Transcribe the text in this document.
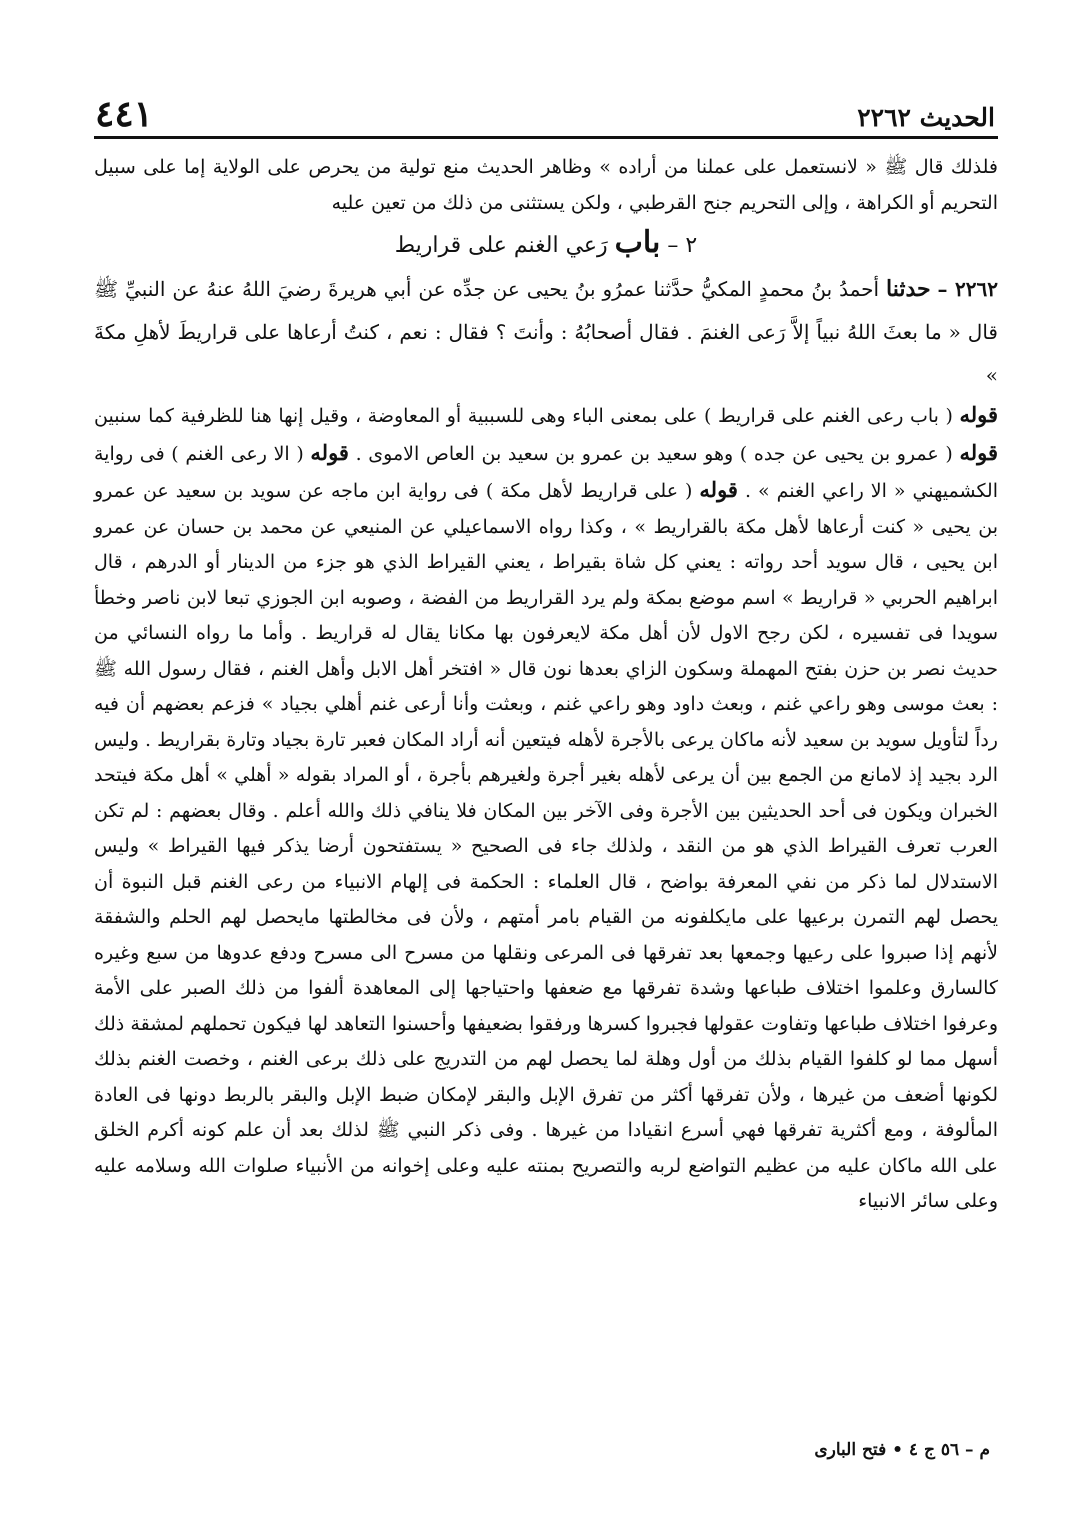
الحديث ٢٢٦٢
٤٤١

فلذلك قال ﷺ « لانستعمل على عملنا من أراده » وظاهر الحديث منع تولية من يحرص على الولاية إما على سبيل التحريم أو الكراهة ، وإلى التحريم جنح القرطبي ، ولكن يستثنى من ذلك من تعين عليه

٢ – باب رَعي الغنم على قراريط

٢٢٦٢ – حدثنا أحمدُ بنُ محمدٍ المكيُّ حدَّثنا عمرُو بنُ يحيى عن جدِّه عن أبي هريرةَ رضيَ اللهُ عنهُ عن النبيِّ ﷺ قال « ما بعثَ اللهُ نبياً إلاَّ رَعى الغنمَ . فقال أصحابُهُ : وأنتَ ؟ فقال : نعم ، كنتُ أرعاها على قراريطَ لأهلِ مكةَ »

قوله ( باب رعى الغنم على قراريط ) على بمعنى الباء وهى للسببية أو المعاوضة ، وقيل إنها هنا للظرفية كما سنبين قوله ( عمرو بن يحيى عن جده ) وهو سعيد بن عمرو بن سعيد بن العاص الاموى . قوله ( الا رعى الغنم ) فى رواية الكشميهني « الا راعي الغنم » . قوله ( على قراريط لأهل مكة ) فى رواية ابن ماجه عن سويد بن سعيد عن عمرو بن يحيى « كنت أرعاها لأهل مكة بالقراريط » ، وكذا رواه الاسماعيلي عن المنيعي عن محمد بن حسان عن عمرو ابن يحيى ، قال سويد أحد رواته : يعني كل شاة بقيراط ، يعني القيراط الذي هو جزء من الدينار أو الدرهم ، قال ابراهيم الحربي « قراريط » اسم موضع بمكة ولم يرد القراريط من الفضة ، وصوبه ابن الجوزي تبعا لابن ناصر وخطأ سويدا فى تفسيره ، لكن رجح الاول لأن أهل مكة لايعرفون بها مكانا يقال له قراريط . وأما ما رواه النسائي من حديث نصر بن حزن بفتح المهملة وسكون الزاي بعدها نون قال « افتخر أهل الابل وأهل الغنم ، فقال رسول الله ﷺ : بعث موسى وهو راعي غنم ، وبعث داود وهو راعي غنم ، وبعثت وأنا أرعى غنم أهلي بجياد » فزعم بعضهم أن فيه رداً لتأويل سويد بن سعيد لأنه ماكان يرعى بالأجرة لأهله فيتعين أنه أراد المكان فعبر تارة بجياد وتارة بقراريط . وليس الرد بجيد إذ لامانع من الجمع بين أن يرعى لأهله بغير أجرة ولغيرهم بأجرة ، أو المراد بقوله « أهلي » أهل مكة فيتحد الخبران ويكون فى أحد الحديثين بين الأجرة وفى الآخر بين المكان فلا ينافي ذلك والله أعلم . وقال بعضهم : لم تكن العرب تعرف القيراط الذي هو من النقد ، ولذلك جاء فى الصحيح « يستفتحون أرضا يذكر فيها القيراط » وليس الاستدلال لما ذكر من نفي المعرفة بواضح ، قال العلماء : الحكمة فى إلهام الانبياء من رعى الغنم قبل النبوة أن يحصل لهم التمرن برعيها على مايكلفونه من القيام بامر أمتهم ، ولأن فى مخالطتها مايحصل لهم الحلم والشفقة لأنهم إذا صبروا على رعيها وجمعها بعد تفرقها فى المرعى ونقلها من مسرح الى مسرح ودفع عدوها من سبع وغيره كالسارق وعلموا اختلاف طباعها وشدة تفرقها مع ضعفها واحتياجها إلى المعاهدة ألفوا من ذلك الصبر على الأمة وعرفوا اختلاف طباعها وتفاوت عقولها فجبروا كسرها ورفقوا بضعيفها وأحسنوا التعاهد لها فيكون تحملهم لمشقة ذلك أسهل مما لو كلفوا القيام بذلك من أول وهلة لما يحصل لهم من التدريج على ذلك برعى الغنم ، وخصت الغنم بذلك لكونها أضعف من غيرها ، ولأن تفرقها أكثر من تفرق الإبل والبقر لإمكان ضبط الإبل والبقر بالربط دونها فى العادة المألوفة ، ومع أكثرية تفرقها فهي أسرع انقيادا من غيرها . وفى ذكر النبي ﷺ لذلك بعد أن علم كونه أكرم الخلق على الله ماكان عليه من عظيم التواضع لربه والتصريح بمنته عليه وعلى إخوانه من الأنبياء صلوات الله وسلامه عليه وعلى سائر الانبياء
م – ٥٦ ج ٤ • فتح البارى
